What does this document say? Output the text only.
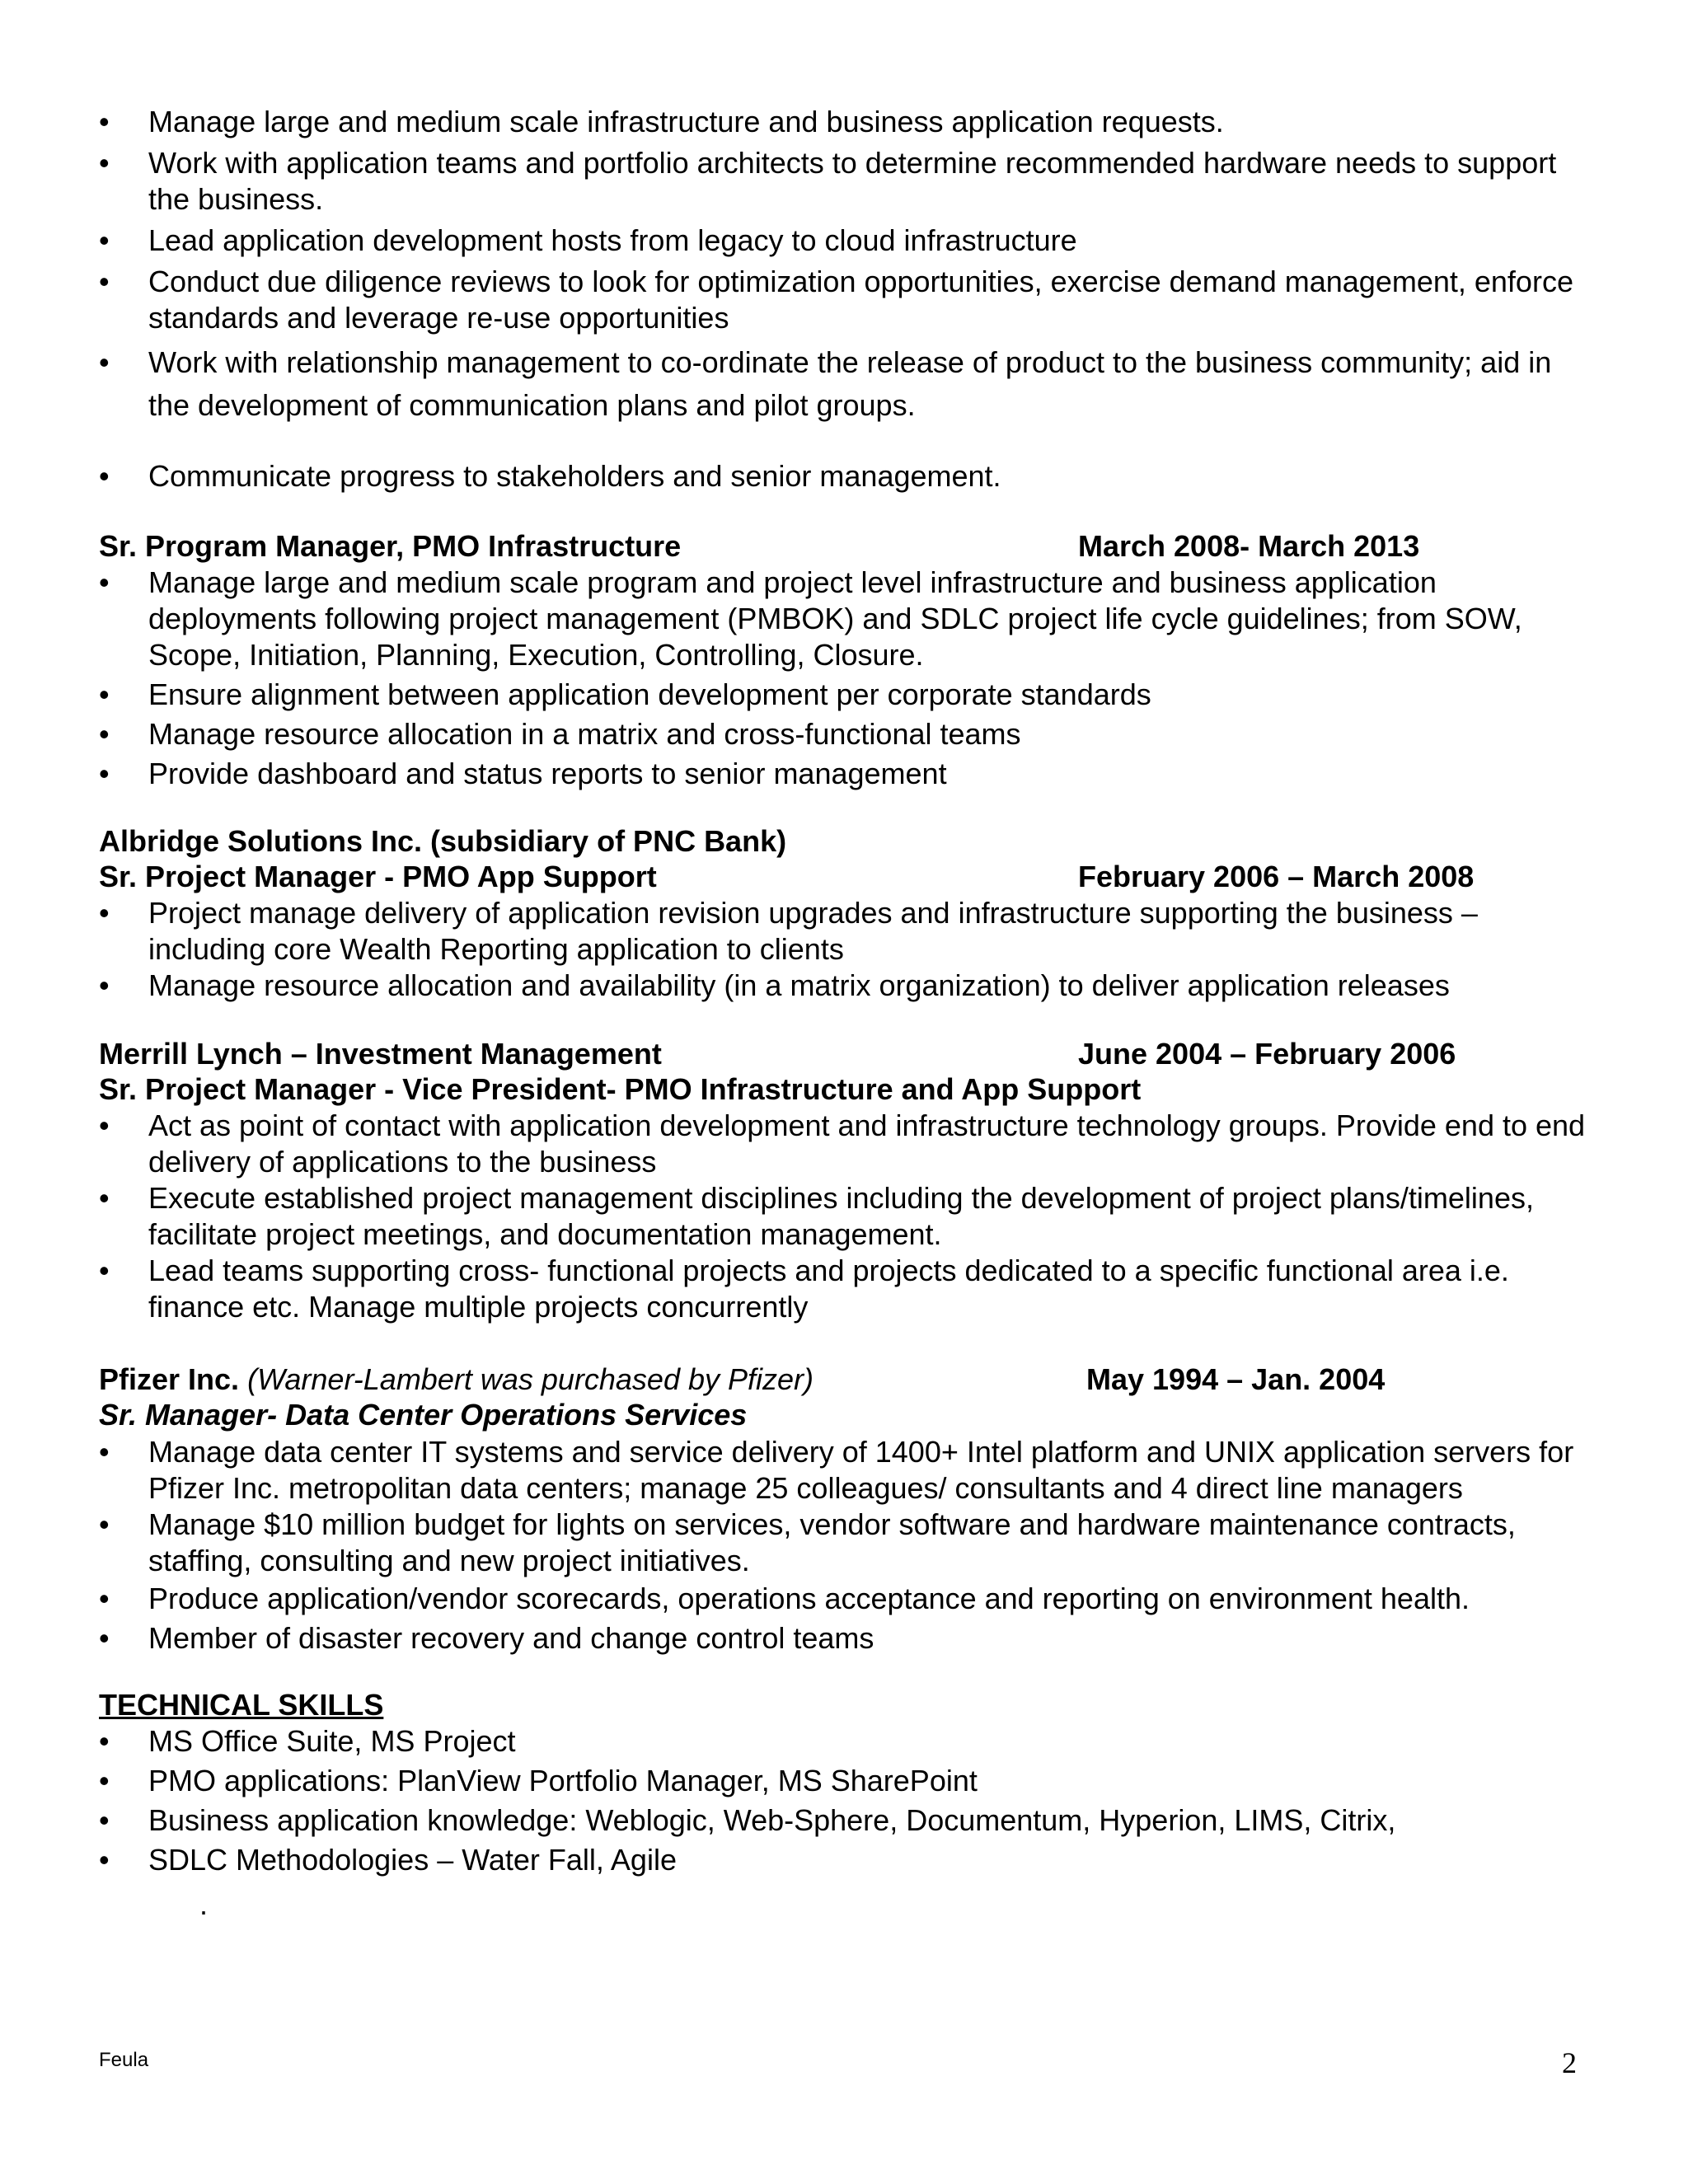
• Manage large and medium scale infrastructure and business application requests.
• Work with application teams and portfolio architects to determine recommended hardware needs to support the business.
• Lead application development hosts from legacy to cloud infrastructure
• Conduct due diligence reviews to look for optimization opportunities, exercise demand management, enforce standards and leverage re-use opportunities
• Work with relationship management to co-ordinate the release of product to the business community; aid in the development of communication plans and pilot groups.
• Communicate progress to stakeholders and senior management.
Sr. Program Manager, PMO Infrastructure	March 2008- March 2013
• Manage large and medium scale program and project level infrastructure and business application deployments following project management (PMBOK) and SDLC project life cycle guidelines; from SOW, Scope, Initiation, Planning, Execution, Controlling, Closure.
• Ensure alignment between application development per corporate standards
• Manage resource allocation in a matrix and cross-functional teams
• Provide dashboard and status reports to senior management
Albridge Solutions Inc. (subsidiary of PNC Bank)
Sr. Project Manager - PMO App Support	February 2006 – March 2008
• Project manage delivery of application revision upgrades and infrastructure supporting the business – including core Wealth Reporting application to clients
• Manage resource allocation and availability (in a matrix organization) to deliver application releases
Merrill Lynch – Investment Management	June 2004 – February 2006
Sr. Project Manager - Vice President- PMO Infrastructure and App Support
• Act as point of contact with application development and infrastructure technology groups. Provide end to end delivery of applications to the business
• Execute established project management disciplines including the development of project plans/timelines, facilitate project meetings, and documentation management.
• Lead teams supporting cross- functional projects and projects dedicated to a specific functional area i.e. finance etc. Manage multiple projects concurrently
Pfizer Inc. (Warner-Lambert was purchased by Pfizer)	May 1994 – Jan. 2004
Sr. Manager- Data Center Operations Services
• Manage data center IT systems and service delivery of 1400+ Intel platform and UNIX application servers for Pfizer Inc. metropolitan data centers; manage 25 colleagues/ consultants and 4 direct line managers
• Manage $10 million budget for lights on services, vendor software and hardware maintenance contracts, staffing, consulting and new project initiatives.
• Produce application/vendor scorecards, operations acceptance and reporting on environment health.
• Member of disaster recovery and change control teams
TECHNICAL SKILLS
• MS Office Suite, MS Project
• PMO applications: PlanView Portfolio Manager, MS SharePoint
• Business application knowledge: Weblogic, Web-Sphere, Documentum, Hyperion, LIMS, Citrix,
• SDLC Methodologies – Water Fall, Agile
.
Feula	2
